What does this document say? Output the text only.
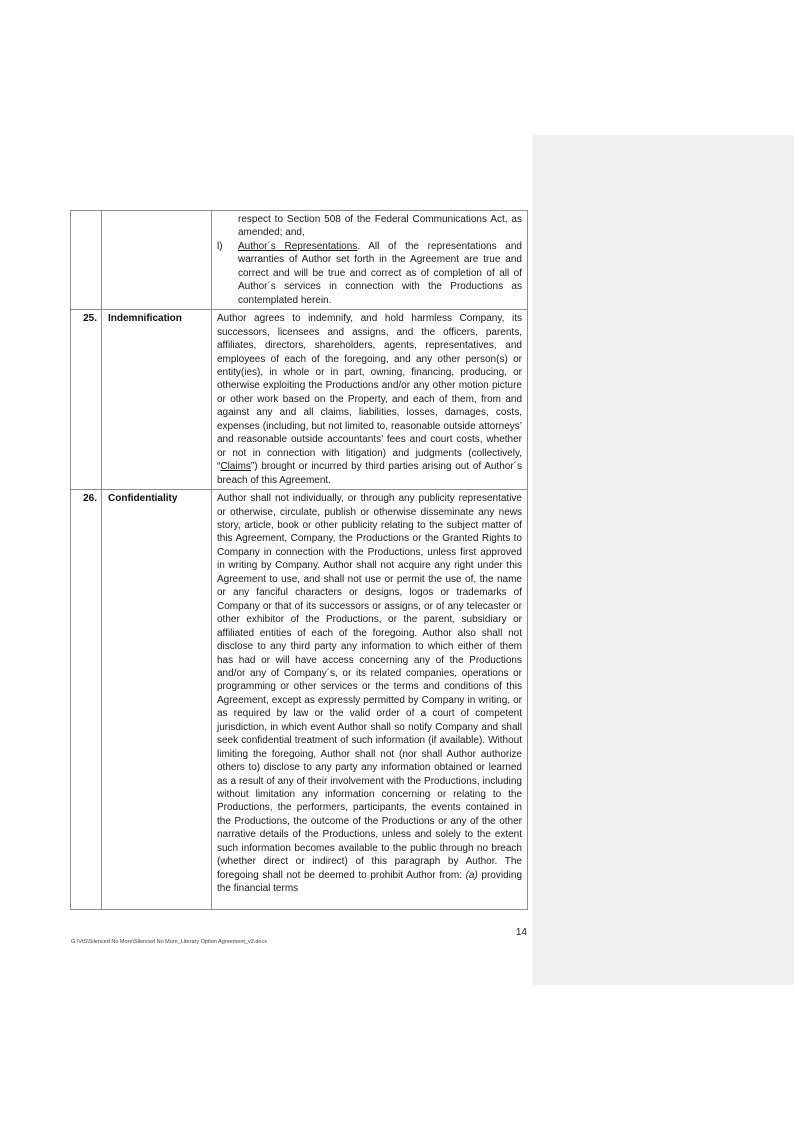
		respect to Section 508 of the Federal Communications Act, as amended; and,
l) Author´s Representations. All of the representations and warranties of Author set forth in the Agreement are true and correct and will be true and correct as of completion of all of Author´s services in connection with the Productions as contemplated herein.

25.	Indemnification	Author agrees to indemnify, and hold harmless Company, its successors, licensees and assigns, and the officers, parents, affiliates, directors, shareholders, agents, representatives, and employees of each of the foregoing, and any other person(s) or entity(ies), in whole or in part, owning, financing, producing, or otherwise exploiting the Productions and/or any other motion picture or other work based on the Property, and each of them, from and against any and all claims, liabilities, losses, damages, costs, expenses (including, but not limited to, reasonable outside attorneys’ and reasonable outside accountants’ fees and court costs, whether or not in connection with litigation) and judgments (collectively, “Claims”) brought or incurred by third parties arising out of Author´s breach of this Agreement.
26.	Confidentiality	Author shall not individually, or through any publicity representative or otherwise, circulate, publish or otherwise disseminate any news story, article, book or other publicity relating to the subject matter of this Agreement, Company, the Productions or the Granted Rights to Company in connection with the Productions, unless first approved in writing by Company. Author shall not acquire any right under this Agreement to use, and shall not use or permit the use of, the name or any fanciful characters or designs, logos or trademarks of Company or that of its successors or assigns, or of any telecaster or other exhibitor of the Productions, or the parent, subsidiary or affiliated entities of each of the foregoing. Author also shall not disclose to any third party any information to which either of them has had or will have access concerning any of the Productions and/or any of Company´s, or its related companies, operations or programming or other services or the terms and conditions of this Agreement, except as expressly permitted by Company in writing, or as required by law or the valid order of a court of competent jurisdiction, in which event Author shall so notify Company and shall seek confidential treatment of such information (if available). Without limiting the foregoing, Author shall not (nor shall Author authorize others to) disclose to any party any information obtained or learned as a result of any of their involvement with the Productions, including without limitation any information concerning or relating to the Productions, the performers, participants, the events contained in the Productions, the outcome of the Productions or any of the other narrative details of the Productions, unless and solely to the extent such information becomes available to the public through no breach (whether direct or indirect) of this paragraph by Author. The foregoing shall not be deemed to prohibit Author from: (a) providing the financial terms
G:\VtS\Silenced No More\Silenced No More_Literary Option Agreement_v2.docx
14
